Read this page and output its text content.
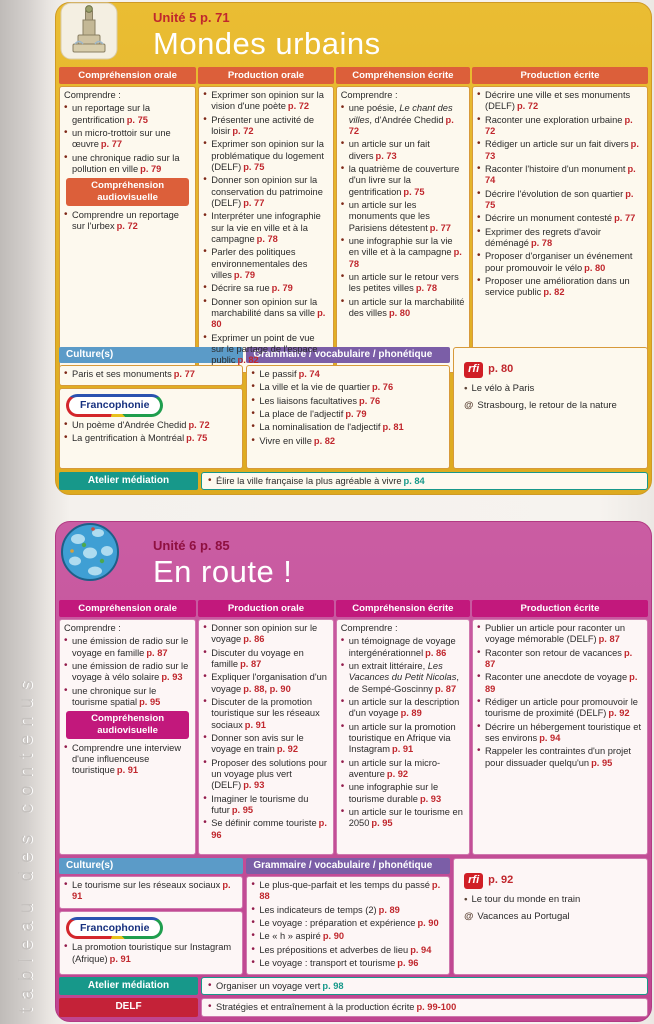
tableau des contenus
Unité 5 p. 71
Mondes urbains
Compréhension orale
Comprendre :
• un reportage sur la gentrification p. 75
• un micro-trottoir sur une œuvre p. 77
• une chronique radio sur la pollution en ville p. 79
Compréhension audiovisuelle
• Comprendre un reportage sur l'urbex p. 72
Production orale
• Exprimer son opinion sur la vision d'une poète p. 72
• Présenter une activité de loisir p. 72
• Exprimer son opinion sur la problématique du logement (DELF) p. 75
• Donner son opinion sur la conservation du patrimoine (DELF) p. 77
• Interpréter une infographie sur la vie en ville et à la campagne p. 78
• Parler des politiques environnementales des villes p. 79
• Décrire sa rue p. 79
• Donner son opinion sur la marchabilité dans sa ville p. 80
• Exprimer un point de vue sur le partage de l'espace public p. 82
Compréhension écrite
Comprendre :
• une poésie, Le chant des villes, d'Andrée Chedid p. 72
• un article sur un fait divers p. 73
• la quatrième de couverture d'un livre sur la gentrification p. 75
• un article sur les monuments que les Parisiens détestent p. 77
• une infographie sur la vie en ville et à la campagne p. 78
• un article sur le retour vers les petites villes p. 78
• un article sur la marchabilité des villes p. 80
Production écrite
• Décrire une ville et ses monuments (DELF) p. 72
• Raconter une exploration urbaine p. 72
• Rédiger un article sur un fait divers p. 73
• Raconter l'histoire d'un monument p. 74
• Décrire l'évolution de son quartier p. 75
• Décrire un monument contesté p. 77
• Exprimer des regrets d'avoir déménagé p. 78
• Proposer d'organiser un événement pour promouvoir le vélo p. 80
• Proposer une amélioration dans un service public p. 82
Culture(s)
• Paris et ses monuments p. 77
Francophonie
• Un poème d'Andrée Chedid p. 72
• La gentrification à Montréal p. 75
Grammaire / vocabulaire / phonétique
• Le passif p. 74
• La ville et la vie de quartier p. 76
• Les liaisons facultatives p. 76
• La place de l'adjectif p. 79
• La nominalisation de l'adjectif p. 81
• Vivre en ville p. 82
rfi p. 80
• Le vélo à Paris
@ Strasbourg, le retour de la nature
Atelier médiation	• Élire la ville française la plus agréable à vivre p. 84
Unité 6 p. 85
En route !
Compréhension orale
Comprendre :
• une émission de radio sur le voyage en famille p. 87
• une émission de radio sur le voyage à vélo solaire p. 93
• une chronique sur le tourisme spatial p. 95
Compréhension audiovisuelle
• Comprendre une interview d'une influenceuse touristique p. 91
Production orale
• Donner son opinion sur le voyage p. 86
• Discuter du voyage en famille p. 87
• Expliquer l'organisation d'un voyage p. 88, p. 90
• Discuter de la promotion touristique sur les réseaux sociaux p. 91
• Donner son avis sur le voyage en train p. 92
• Proposer des solutions pour un voyage plus vert (DELF) p. 93
• Imaginer le tourisme du futur p. 95
• Se définir comme touriste p. 96
Compréhension écrite
Comprendre :
• un témoignage de voyage intergénérationnel p. 86
• un extrait littéraire, Les Vacances du Petit Nicolas, de Sempé-Goscinny p. 87
• un article sur la description d'un voyage p. 89
• un article sur la promotion touristique en Afrique via Instagram p. 91
• un article sur la micro-aventure p. 92
• une infographie sur le tourisme durable p. 93
• un article sur le tourisme en 2050 p. 95
Production écrite
• Publier un article pour raconter un voyage mémorable (DELF) p. 87
• Raconter son retour de vacances p. 87
• Raconter une anecdote de voyage p. 89
• Rédiger un article pour promouvoir le tourisme de proximité (DELF) p. 92
• Décrire un hébergement touristique et ses environs p. 94
• Rappeler les contraintes d'un projet pour dissuader quelqu'un p. 95
Culture(s)
• Le tourisme sur les réseaux sociaux p. 91
Francophonie
• La promotion touristique sur Instagram (Afrique) p. 91
Grammaire / vocabulaire / phonétique
• Le plus-que-parfait et les temps du passé p. 88
• Les indicateurs de temps (2) p. 89
• Le voyage : préparation et expérience p. 90
• Le « h » aspiré p. 90
• Les prépositions et adverbes de lieu p. 94
• Le voyage : transport et tourisme p. 96
rfi p. 92
• Le tour du monde en train
@ Vacances au Portugal
Atelier médiation	• Organiser un voyage vert p. 98
DELF	• Stratégies et entraînement à la production écrite p. 99-100
